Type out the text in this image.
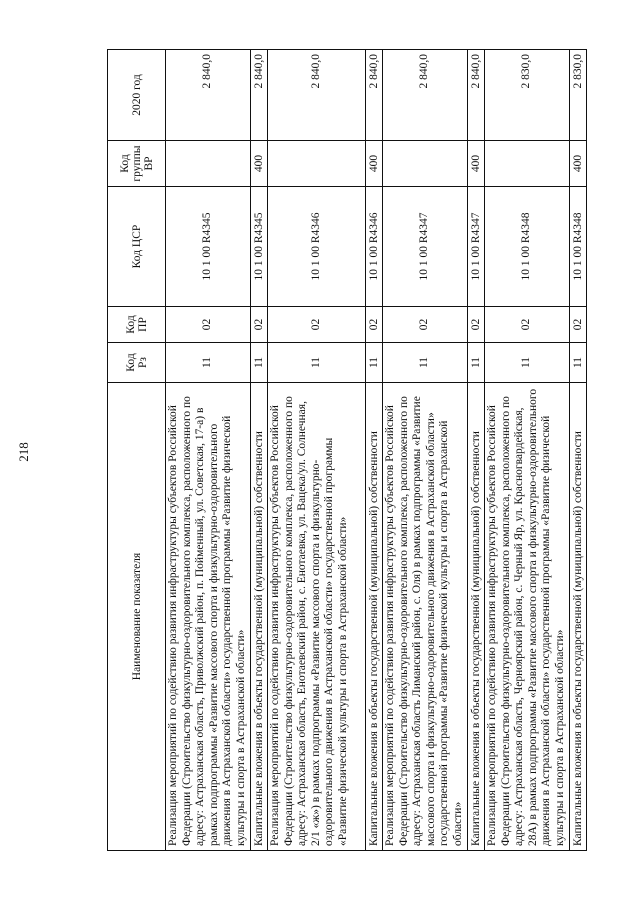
218
Наименование показателя	Код Рз	Код ПР	Код ЦСР	Код группы ВР	2020 год
Реализация мероприятий по содействию развития инфраструктуры субъектов Российской Федерации (Строительство физкультурно-оздоровительного комплекса, расположенного по адресу: Астраханская область, Приволжский район, п. Пойменный, ул. Советская, 17-а) в рамках подпрограммы «Развитие массового спорта и физкультурно-оздоровительного движения в Астраханской области» государственной программы «Развитие физической культуры и спорта в Астраханской области»	11	02	10 1 00 R4345		2 840,0
Капитальные вложения в объекты государственной (муниципальной) собственности	11	02	10 1 00 R4345	400	2 840,0
Реализация мероприятий по содействию развития инфраструктуры субъектов Российской Федерации (Строительство физкультурно-оздоровительного комплекса, расположенного по адресу: Астраханская область, Енотаевский район, с. Енотаевка, ул. Вацека/ул. Солнечная, 2/1 «ж») в рамках подпрограммы «Развитие массового спорта и физкультурно-оздоровительного движения в Астраханской области» государственной программы «Развитие физической культуры и спорта в Астраханской области»	11	02	10 1 00 R4346		2 840,0
Капитальные вложения в объекты государственной (муниципальной) собственности	11	02	10 1 00 R4346	400	2 840,0
Реализация мероприятий по содействию развития инфраструктуры субъектов Российской Федерации (Строительство физкультурно-оздоровительного комплекса, расположенного по адресу: Астраханская область Лиманский район, с. Оля) в рамках подпрограммы «Развитие массового спорта и физкультурно-оздоровительного движения в Астраханской области» государственной программы «Развитие физической культуры и спорта в Астраханской области»	11	02	10 1 00 R4347		2 840,0
Капитальные вложения в объекты государственной (муниципальной) собственности	11	02	10 1 00 R4347	400	2 840,0
Реализация мероприятий по содействию развития инфраструктуры субъектов Российской Федерации (Строительство физкультурно-оздоровительного комплекса, расположенного по адресу: Астраханская область, Черноярский район, с. Черный Яр, ул. Красногвардейская, 28А) в рамках подпрограммы «Развитие массового спорта и физкультурно-оздоровительного движения в Астраханской области» государственной программы «Развитие физической культуры и спорта в Астраханской области»	11	02	10 1 00 R4348		2 830,0
Капитальные вложения в объекты государственной (муниципальной) собственности	11	02	10 1 00 R4348	400	2 830,0
